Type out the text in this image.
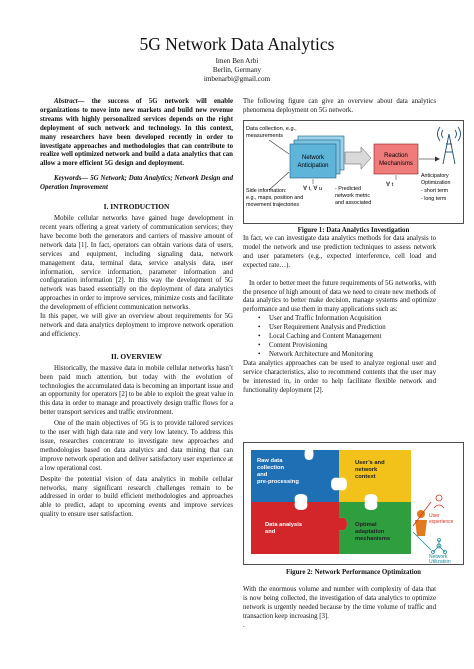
5G Network Data Analytics
Imen Ben Arbi
Berlin, Germany
imbenarbi@gmail.com

Abstract— the success of 5G network will enable organizations to move into new markets and build new revenue streams with highly personalized services depends on the right deployment of such network and technology. In this context, many researchers have been developed recently in order to investigate approaches and methodologies that can contribute to realize well optimized network and build a data analytics that can allow a more efficient 5G design and deployment.

Keywords— 5G Network; Data Analytics; Network Design and Operation Improvement

I. INTRODUCTION

Mobile cellular networks have gained huge development in recent years offering a great variety of communication services; they have become both the generators and carriers of massive amount of network data [1]. In fact, operators can obtain various data of users, services and equipment, including signaling data, network management data, terminal data, service analysis data, user information, service information, parameter information and configuration information [2]. In this way the development of 5G network was based essentially on the deployment of data analytics approaches in order to improve services, minimize costs and facilitate the development of efficient communication networks.

In this paper, we will give an overview about requirements for 5G network and data analytics deployment to improve network operation and efficiency.

II. OVERVIEW

Historically, the massive data in mobile cellular networks hasn’t been paid much attention, but today with the evolution of technologies the accumulated data is becoming an important issue and an opportunity for operators [2] to be able to exploit the great value in this data in order to manage and proactively design traffic flows for a better transport services and traffic environment.

One of the main objectives of 5G is to provide tailored services to the user with high data rate and very low latency. To address this issue, researches concentrate to investigate new approaches and methodologies based on data analytics and data mining that can improve network operation and deliver satisfactory user experience at a low operational cost.

Despite the potential vision of data analytics in mobile cellular networks, many significant research challenges remain to be addressed in order to build efficient methodologies and approaches able to predict, adapt to upcoming events and improve services quality to ensure user satisfaction.

The following figure can give an overview about data analytics phenomena deployment on 5G network.

Data collection, e.g., measurements
Network Anticipation
Reaction Mechanisms
Side information: e.g., maps, position and movement trajectories
∀ t, ∀ u - Predicted network metric and associated
∀ t
Anticipatory Optimization - short term - long term
Figure 1: Data Analytics Investigation

In fact, we can investigate data analytics methods for data analysis to model the network and use prediction techniques to assess network and user parameters (e.g., expected interference, cell load and expected rate…).

In order to better meet the future requirements of 5G networks, with the presence of high amount of data we need to create new methods of data analytics to better make decision, manage systems and optimize performance and use them in many applications such as:

• User and Traffic Information Acquisition
• User Requirement Analysis and Prediction
• Local Caching and Content Management
• Content Provisioning
• Network Architecture and Monitoring

Data analytics approaches can be used to analyze regional user and service characteristics, also to recommend contents that the user may be interested in, in order to help facilitate flexible network and functionality deployment [2].

Raw data collection and pre-processing
User’s and network context
Data analysis and
Optimal adaptation mechanisms
User experience
Network Utilization
Figure 2: Network Performance Optimization

With the enormous volume and number with complexity of data that is now being collected, the investigation of data analytics to optimize network is urgently needed because by the time volume of traffic and transaction keep increasing [3].

.
